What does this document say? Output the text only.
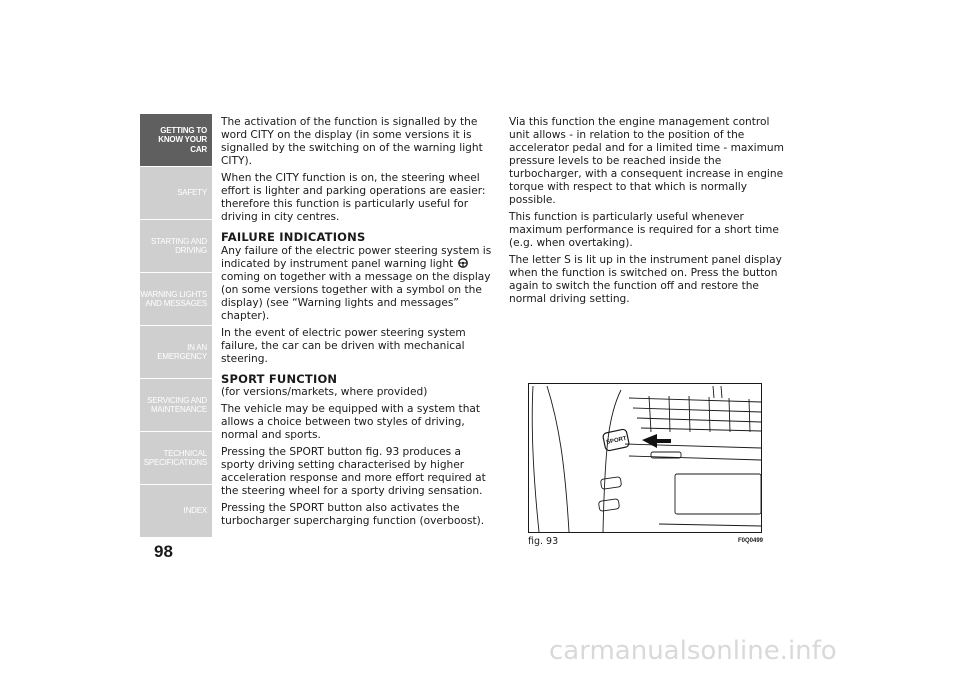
GETTING TO
KNOW YOUR CAR
SAFETY
STARTING AND
DRIVING
WARNING LIGHTS
AND MESSAGES
IN AN EMERGENCY
SERVICING AND
MAINTENANCE
TECHNICAL
SPECIFICATIONS
INDEX
98

The activation of the function is signalled by the word CITY on the display (in some versions it is signalled by the switching on of the warning light CITY).

When the CITY function is on, the steering wheel effort is lighter and parking operations are easier: therefore this function is particularly useful for driving in city centres.

FAILURE INDICATIONS

Any failure of the electric power steering system is indicated by instrument panel warning light coming on together with a message on the display (on some versions together with a symbol on the display) (see “Warning lights and messages” chapter).

In the event of electric power steering system failure, the car can be driven with mechanical steering.

SPORT FUNCTION

(for versions/markets, where provided)

The vehicle may be equipped with a system that allows a choice between two styles of driving, normal and sports.

Pressing the SPORT button fig. 93 produces a sporty driving setting characterised by higher acceleration response and more effort required at the steering wheel for a sporty driving sensation.

Pressing the SPORT button also activates the turbocharger supercharging function (overboost).

Via this function the engine management control unit allows - in relation to the position of the accelerator pedal and for a limited time - maximum pressure levels to be reached inside the turbocharger, with a consequent increase in engine torque with respect to that which is normally possible.

This function is particularly useful whenever maximum performance is required for a short time (e.g. when overtaking).

The letter S is lit up in the instrument panel display when the function is switched on. Press the button again to switch the function off and restore the normal driving setting.

SPORT
fig. 93	F0Q0499
carmanualsonline.info
